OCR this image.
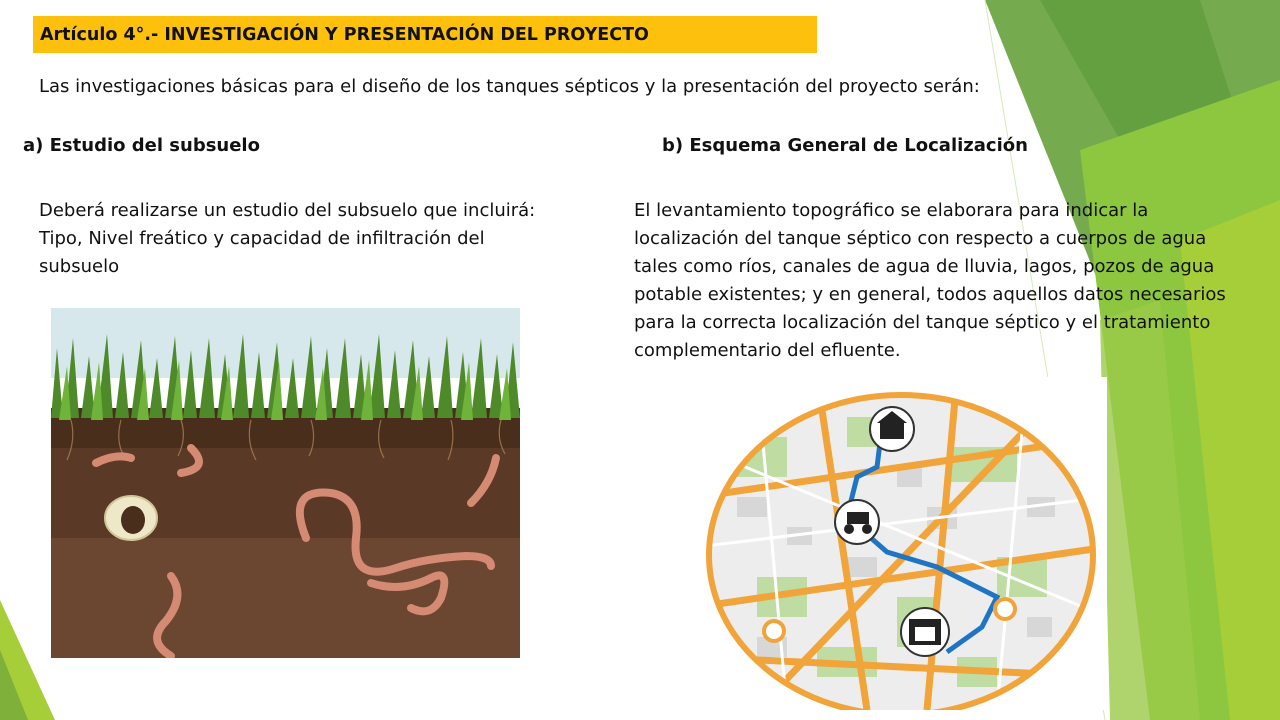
Artículo 4°.- INVESTIGACIÓN Y PRESENTACIÓN DEL PROYECTO
Las investigaciones básicas para el diseño de los tanques sépticos y la presentación del proyecto serán:
a) Estudio del subsuelo	b) Esquema General de Localización
Deberá realizarse un estudio del subsuelo que incluirá: Tipo, Nivel freático y capacidad de infiltración del subsuelo
El levantamiento topográfico se elaborara para indicar la localización del tanque séptico con respecto a cuerpos de agua tales como ríos, canales de agua de lluvia, lagos, pozos de agua potable existentes; y en general, todos aquellos datos necesarios para la correcta localización del tanque séptico y el tratamiento complementario del efluente.
